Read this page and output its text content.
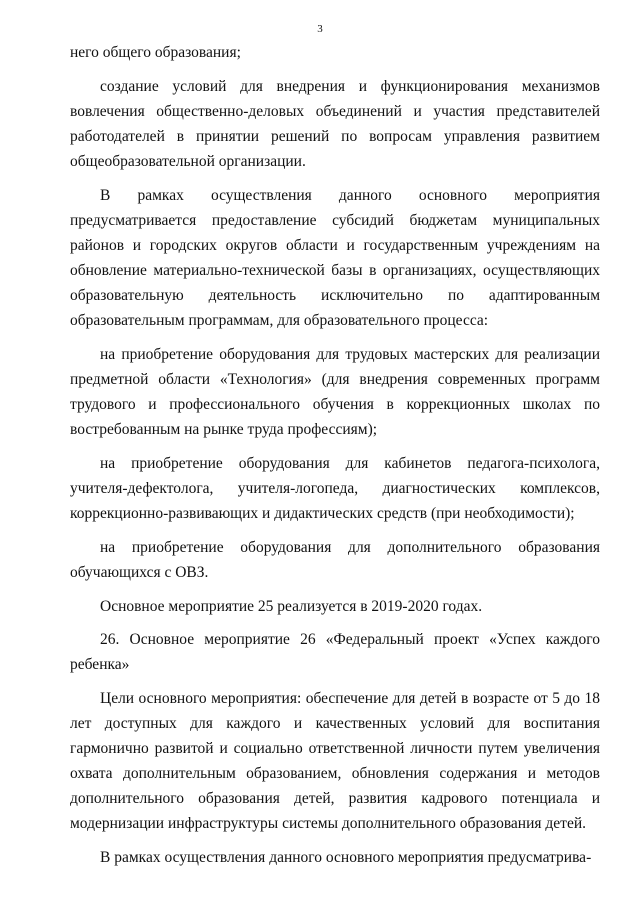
3

него общего образования;

создание условий для внедрения и функционирования механизмов вовлечения общественно-деловых объединений и участия представителей работодателей в принятии решений по вопросам управления развитием общеобразовательной организации.

В рамках осуществления данного основного мероприятия предусматривается предоставление субсидий бюджетам муниципальных районов и городских округов области и государственным учреждениям на обновление материально-технической базы в организациях, осуществляющих образовательную деятельность исключительно по адаптированным образовательным программам, для образовательного процесса:

на приобретение оборудования для трудовых мастерских для реализации предметной области «Технология» (для внедрения современных программ трудового и профессионального обучения в коррекционных школах по востребованным на рынке труда профессиям);

на приобретение оборудования для кабинетов педагога-психолога, учителя-дефектолога, учителя-логопеда, диагностических комплексов, коррекционно-развивающих и дидактических средств (при необходимости);

на приобретение оборудования для дополнительного образования обучающихся с ОВЗ.

Основное мероприятие 25 реализуется в 2019-2020 годах.

26. Основное мероприятие 26 «Федеральный проект «Успех каждого ребенка»

Цели основного мероприятия: обеспечение для детей в возрасте от 5 до 18 лет доступных для каждого и качественных условий для воспитания гармонично развитой и социально ответственной личности путем увеличения охвата дополнительным образованием, обновления содержания и методов дополнительного образования детей, развития кадрового потенциала и модернизации инфраструктуры системы дополнительного образования детей.

В рамках осуществления данного основного мероприятия предусматрива-
